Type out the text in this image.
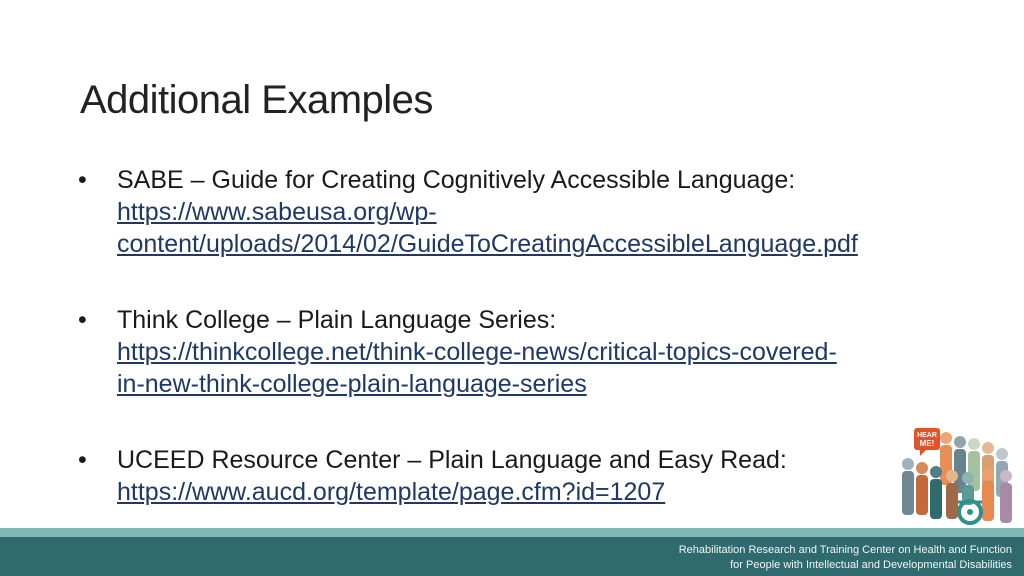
Additional Examples
• SABE – Guide for Creating Cognitively Accessible Language:
https://www.sabeusa.org/wp-
content/uploads/2014/02/GuideToCreatingAccessibleLanguage.pdf
• Think College – Plain Language Series:
https://thinkcollege.net/think-college-news/critical-topics-covered-
in-new-think-college-plain-language-series
• UCEED Resource Center – Plain Language and Easy Read:
https://www.aucd.org/template/page.cfm?id=1207
HEAR
ME!
Rehabilitation Research and Training Center on Health and Function
for People with Intellectual and Developmental Disabilities
